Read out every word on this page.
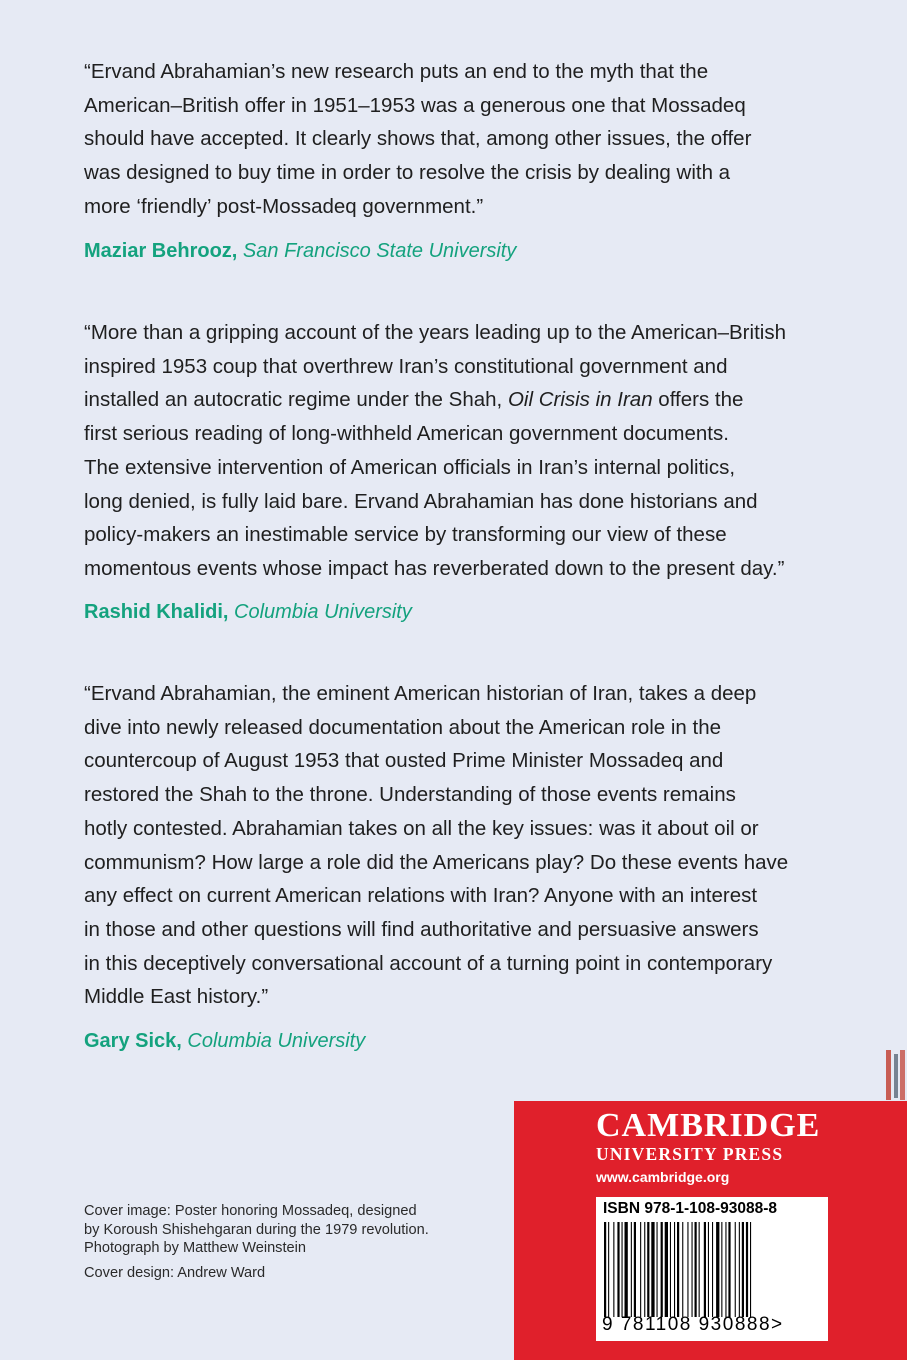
“Ervand Abrahamian’s new research puts an end to the myth that the

American–British offer in 1951–1953 was a generous one that Mossadeq

should have accepted. It clearly shows that, among other issues, the offer

was designed to buy time in order to resolve the crisis by dealing with a

more ‘friendly’ post-Mossadeq government.”

Maziar Behrooz, San Francisco State University

“More than a gripping account of the years leading up to the American–British

inspired 1953 coup that overthrew Iran’s constitutional government and

installed an autocratic regime under the Shah, Oil Crisis in Iran offers the

first serious reading of long-withheld American government documents.

The extensive intervention of American officials in Iran’s internal politics,

long denied, is fully laid bare. Ervand Abrahamian has done historians and

policy-makers an inestimable service by transforming our view of these

momentous events whose impact has reverberated down to the present day.”

Rashid Khalidi, Columbia University

“Ervand Abrahamian, the eminent American historian of Iran, takes a deep

dive into newly released documentation about the American role in the

countercoup of August 1953 that ousted Prime Minister Mossadeq and

restored the Shah to the throne. Understanding of those events remains

hotly contested. Abrahamian takes on all the key issues: was it about oil or

communism? How large a role did the Americans play? Do these events have

any effect on current American relations with Iran? Anyone with an interest

in those and other questions will find authoritative and persuasive answers

in this deceptively conversational account of a turning point in contemporary

Middle East history.”

Gary Sick, Columbia University

Cover image: Poster honoring Mossadeq, designed

by Koroush Shishehgaran during the 1979 revolution.

Photograph by Matthew Weinstein

Cover design: Andrew Ward

CAMBRIDGE
UNIVERSITY PRESS
www.cambridge.org
ISBN 978-1-108-93088-8
9 781108 930888>
